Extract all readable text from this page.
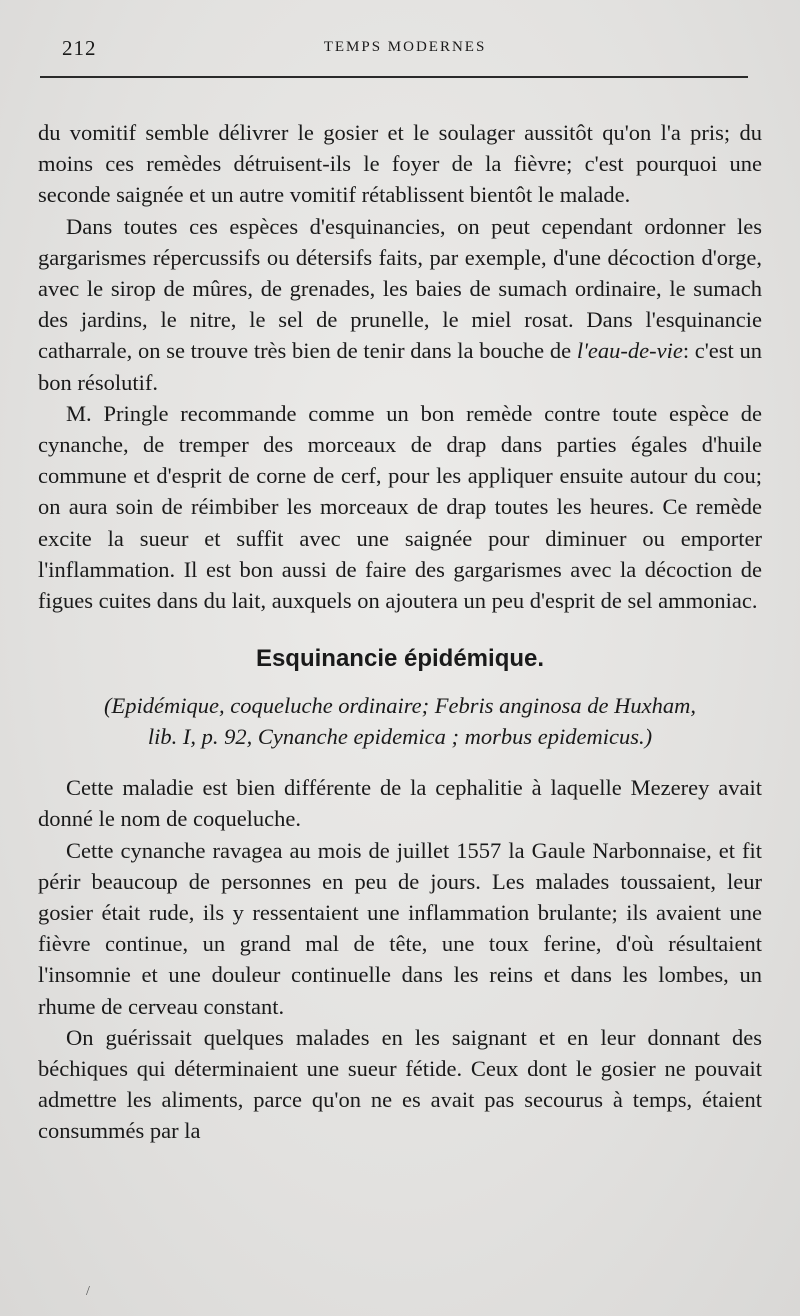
212	TEMPS MODERNES

du vomitif semble délivrer le gosier et le soulager aussitôt qu'on l'a pris; du moins ces remèdes détruisent-ils le foyer de la fièvre; c'est pourquoi une seconde saignée et un autre vomitif rétablissent bientôt le malade.

Dans toutes ces espèces d'esquinancies, on peut cependant ordonner les gargarismes répercussifs ou détersifs faits, par exemple, d'une décoction d'orge, avec le sirop de mûres, de grenades, les baies de sumach ordinaire, le sumach des jardins, le nitre, le sel de prunelle, le miel rosat. Dans l'esquinancie catharrale, on se trouve très bien de tenir dans la bouche de l'eau-de-vie: c'est un bon résolutif.

M. Pringle recommande comme un bon remède contre toute espèce de cynanche, de tremper des morceaux de drap dans parties égales d'huile commune et d'esprit de corne de cerf, pour les appliquer ensuite autour du cou; on aura soin de réimbiber les morceaux de drap toutes les heures. Ce remède excite la sueur et suffit avec une saignée pour diminuer ou emporter l'inflammation. Il est bon aussi de faire des gargarismes avec la décoction de figues cuites dans du lait, auxquels on ajoutera un peu d'esprit de sel ammoniac.

Esquinancie épidémique.
(Epidémique, coqueluche ordinaire; Febris anginosa de Huxham,
lib. I, p. 92, Cynanche epidemica ; morbus epidemicus.)

Cette maladie est bien différente de la cephalitie à laquelle Mezerey avait donné le nom de coqueluche.

Cette cynanche ravagea au mois de juillet 1557 la Gaule Narbonnaise, et fit périr beaucoup de personnes en peu de jours. Les malades toussaient, leur gosier était rude, ils y ressentaient une inflammation brulante; ils avaient une fièvre continue, un grand mal de tête, une toux ferine, d'où résultaient l'insomnie et une douleur continuelle dans les reins et dans les lombes, un rhume de cerveau constant.

On guérissait quelques malades en les saignant et en leur donnant des béchiques qui déterminaient une sueur fétide. Ceux dont le gosier ne pouvait admettre les aliments, parce qu'on ne es avait pas secourus à temps, étaient consummés par la

/
